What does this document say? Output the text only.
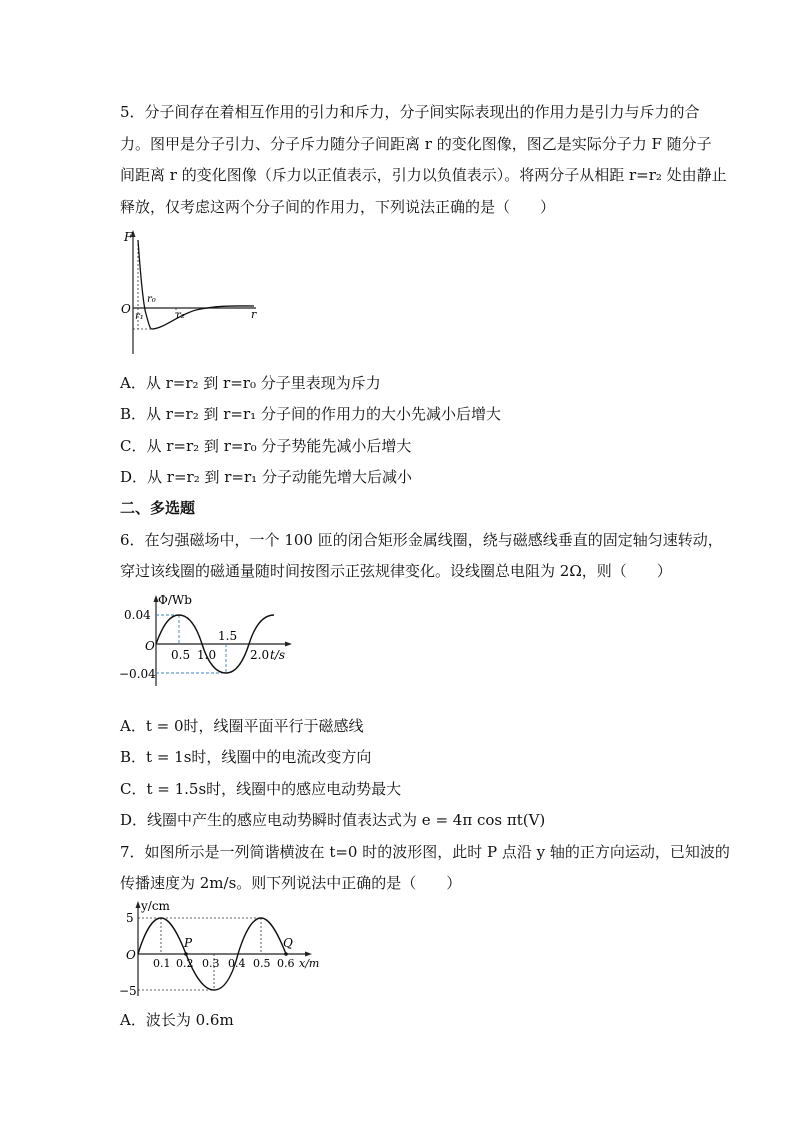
5．分子间存在着相互作用的引力和斥力，分子间实际表现出的作用力是引力与斥力的合
力。图甲是分子引力、分子斥力随分子间距离 r 的变化图像，图乙是实际分子力 F 随分子
间距离 r 的变化图像（斥力以正值表示，引力以负值表示）。将两分子从相距 r=r₂ 处由静止
释放，仅考虑这两个分子间的作用力，下列说法正确的是（　　）
F
O
r₀
r₁	r₂	r
A．从 r=r₂ 到 r=r₀ 分子里表现为斥力
B．从 r=r₂ 到 r=r₁ 分子间的作用力的大小先减小后增大
C．从 r=r₂ 到 r=r₀ 分子势能先减小后增大
D．从 r=r₂ 到 r=r₁ 分子动能先增大后减小
二、多选题
6．在匀强磁场中，一个 100 匝的闭合矩形金属线圈，绕与磁感线垂直的固定轴匀速转动，
穿过该线圈的磁通量随时间按图示正弦规律变化。设线圈总电阻为 2Ω，则（　　）
Φ/Wb
0.04
O
−0.04
0.5 1.0
1.5
2.0 t/s
A．t = 0时，线圈平面平行于磁感线
B．t = 1s时，线圈中的电流改变方向
C．t = 1.5s时，线圈中的感应电动势最大
D．线圈中产生的感应电动势瞬时值表达式为 e = 4π cos πt(V)
7．如图所示是一列简谐横波在 t=0 时的波形图，此时 P 点沿 y 轴的正方向运动，已知波的
传播速度为 2m/s。则下列说法中正确的是（　　）
y/cm
5
O
−5
P	Q
0.1 0.2 0.3 0.4 0.5 0.6 x/m
A．波长为 0.6m
